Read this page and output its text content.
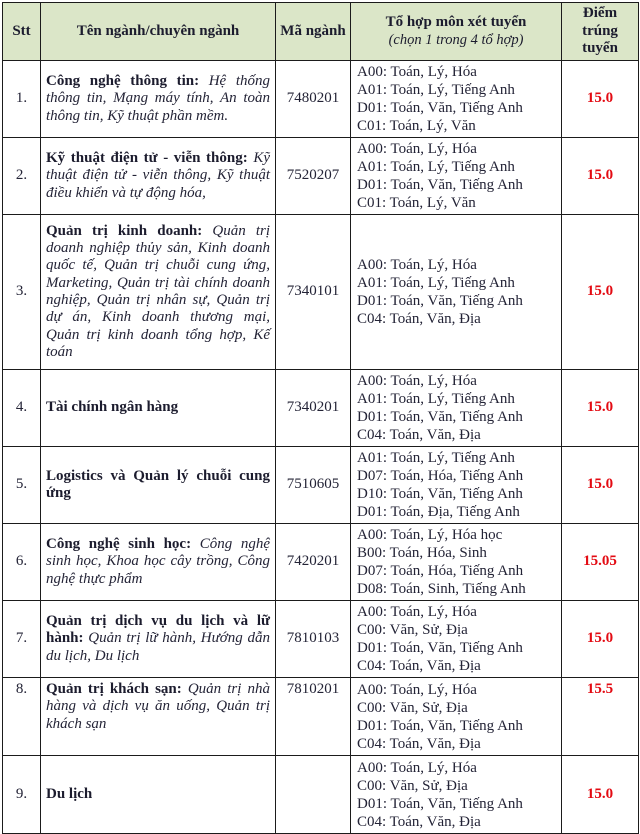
Stt	Tên ngành/chuyên ngành	Mã ngành	Tổ hợp môn xét tuyển
(chọn 1 trong 4 tổ hợp)	Điểm trúng tuyển
1.	Công nghệ thông tin: Hệ thống thông tin, Mạng máy tính, An toàn thông tin, Kỹ thuật phần mềm.	7480201	A00: Toán, Lý, Hóa
A01: Toán, Lý, Tiếng Anh
D01: Toán, Văn, Tiếng Anh
C01: Toán, Lý, Văn	15.0
2.	Kỹ thuật điện tử - viễn thông: Kỹ thuật điện tử - viễn thông, Kỹ thuật điều khiển và tự động hóa,	7520207	A00: Toán, Lý, Hóa
A01: Toán, Lý, Tiếng Anh
D01: Toán, Văn, Tiếng Anh
C01: Toán, Lý, Văn	15.0
3.	Quản trị kinh doanh: Quản trị doanh nghiệp thủy sản, Kinh doanh quốc tế, Quản trị chuỗi cung ứng, Marketing, Quản trị tài chính doanh nghiệp, Quản trị nhân sự, Quản trị dự án, Kinh doanh thương mại, Quản trị kinh doanh tổng hợp, Kế toán	7340101	
A00: Toán, Lý, Hóa
A01: Toán, Lý, Tiếng Anh
D01: Toán, Văn, Tiếng Anh
C04: Toán, Văn, Địa
	15.0
4.	Tài chính ngân hàng	7340201	A00: Toán, Lý, Hóa
A01: Toán, Lý, Tiếng Anh
D01: Toán, Văn, Tiếng Anh
C04: Toán, Văn, Địa	15.0
5.	Logistics và Quản lý chuỗi cung ứng	7510605	A01: Toán, Lý, Tiếng Anh
D07: Toán, Hóa, Tiếng Anh
D10: Toán, Văn, Tiếng Anh
D01: Toán, Địa, Tiếng Anh	15.0
6.	Công nghệ sinh học: Công nghệ sinh học, Khoa học cây trồng, Công nghệ thực phẩm	7420201	A00: Toán, Lý, Hóa học
B00: Toán, Hóa, Sinh
D07: Toán, Hóa, Tiếng Anh
D08: Toán, Sinh, Tiếng Anh	15.05
7.	Quản trị dịch vụ du lịch và lữ hành: Quản trị lữ hành, Hướng dẫn du lịch, Du lịch	7810103	A00: Toán, Lý, Hóa
C00: Văn, Sử, Địa
D01: Toán, Văn, Tiếng Anh
C04: Toán, Văn, Địa	15.0
8.	Quản trị khách sạn: Quản trị nhà hàng và dịch vụ ăn uống, Quản trị khách sạn	7810201	A00: Toán, Lý, Hóa
C00: Văn, Sử, Địa
D01: Toán, Văn, Tiếng Anh
C04: Toán, Văn, Địa	15.5
9.	Du lịch		A00: Toán, Lý, Hóa
C00: Văn, Sử, Địa
D01: Toán, Văn, Tiếng Anh
C04: Toán, Văn, Địa	15.0
